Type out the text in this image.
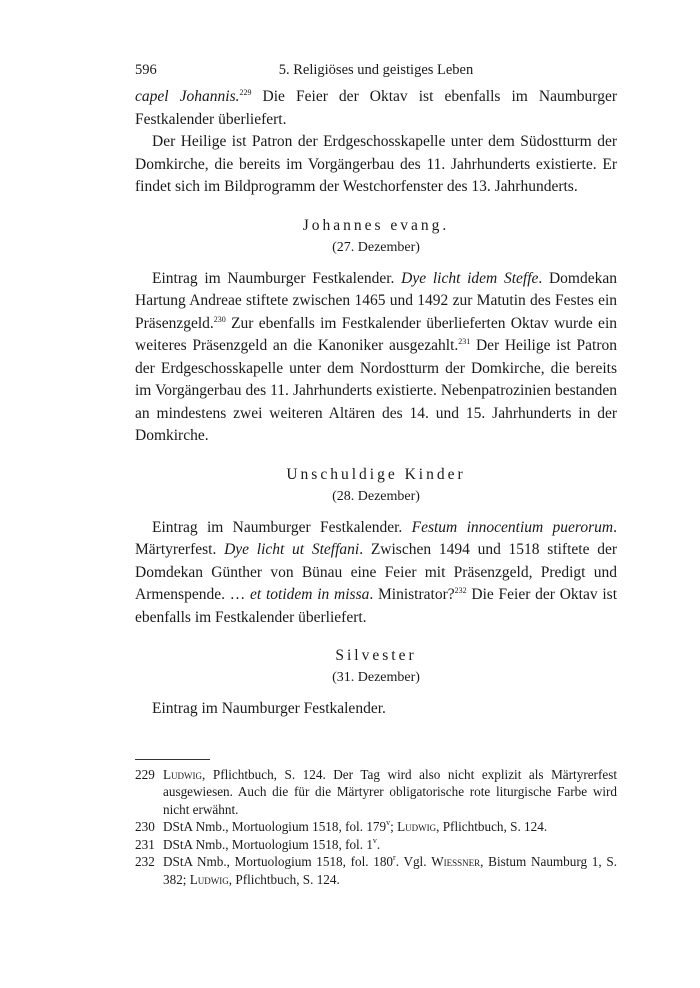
596	5. Religiöses und geistiges Leben

capel Johannis.$^{229}$ Die Feier der Oktav ist ebenfalls im Naumburger Festkalender überliefert.

Der Heilige ist Patron der Erdgeschosskapelle unter dem Südostturm der Domkirche, die bereits im Vorgängerbau des 11. Jahrhunderts existierte. Er findet sich im Bildprogramm der Westchorfenster des 13. Jahrhunderts.

Johannes evang.
(27. Dezember)

Eintrag im Naumburger Festkalender. Dye licht idem Steffe. Domdekan Hartung Andreae stiftete zwischen 1465 und 1492 zur Matutin des Festes ein Präsenzgeld.$^{230}$ Zur ebenfalls im Festkalender überlieferten Oktav wurde ein weiteres Präsenzgeld an die Kanoniker ausgezahlt.$^{231}$ Der Heilige ist Patron der Erdgeschosskapelle unter dem Nordostturm der Domkirche, die bereits im Vorgängerbau des 11. Jahrhunderts existierte. Nebenpatrozinien bestanden an mindestens zwei weiteren Altären des 14. und 15. Jahrhunderts in der Domkirche.

Unschuldige Kinder
(28. Dezember)

Eintrag im Naumburger Festkalender. Festum innocentium puerorum. Märtyrerfest. Dye licht ut Steffani. Zwischen 1494 und 1518 stiftete der Domdekan Günther von Bünau eine Feier mit Präsenzgeld, Predigt und Armenspende. … et totidem in missa. Ministrator?$^{232}$ Die Feier der Oktav ist ebenfalls im Festkalender überliefert.

Silvester
(31. Dezember)

Eintrag im Naumburger Festkalender.

229 Ludwig, Pflichtbuch, S. 124. Der Tag wird also nicht explizit als Märtyrerfest ausgewiesen. Auch die für die Märtyrer obligatorische rote liturgische Farbe wird nicht erwähnt.
230 DStA Nmb., Mortuologium 1518, fol. 179$^v$; Ludwig, Pflichtbuch, S. 124.
231 DStA Nmb., Mortuologium 1518, fol. 1$^v$.
232 DStA Nmb., Mortuologium 1518, fol. 180$^r$. Vgl. Wiessner, Bistum Naumburg 1, S. 382; Ludwig, Pflichtbuch, S. 124.
